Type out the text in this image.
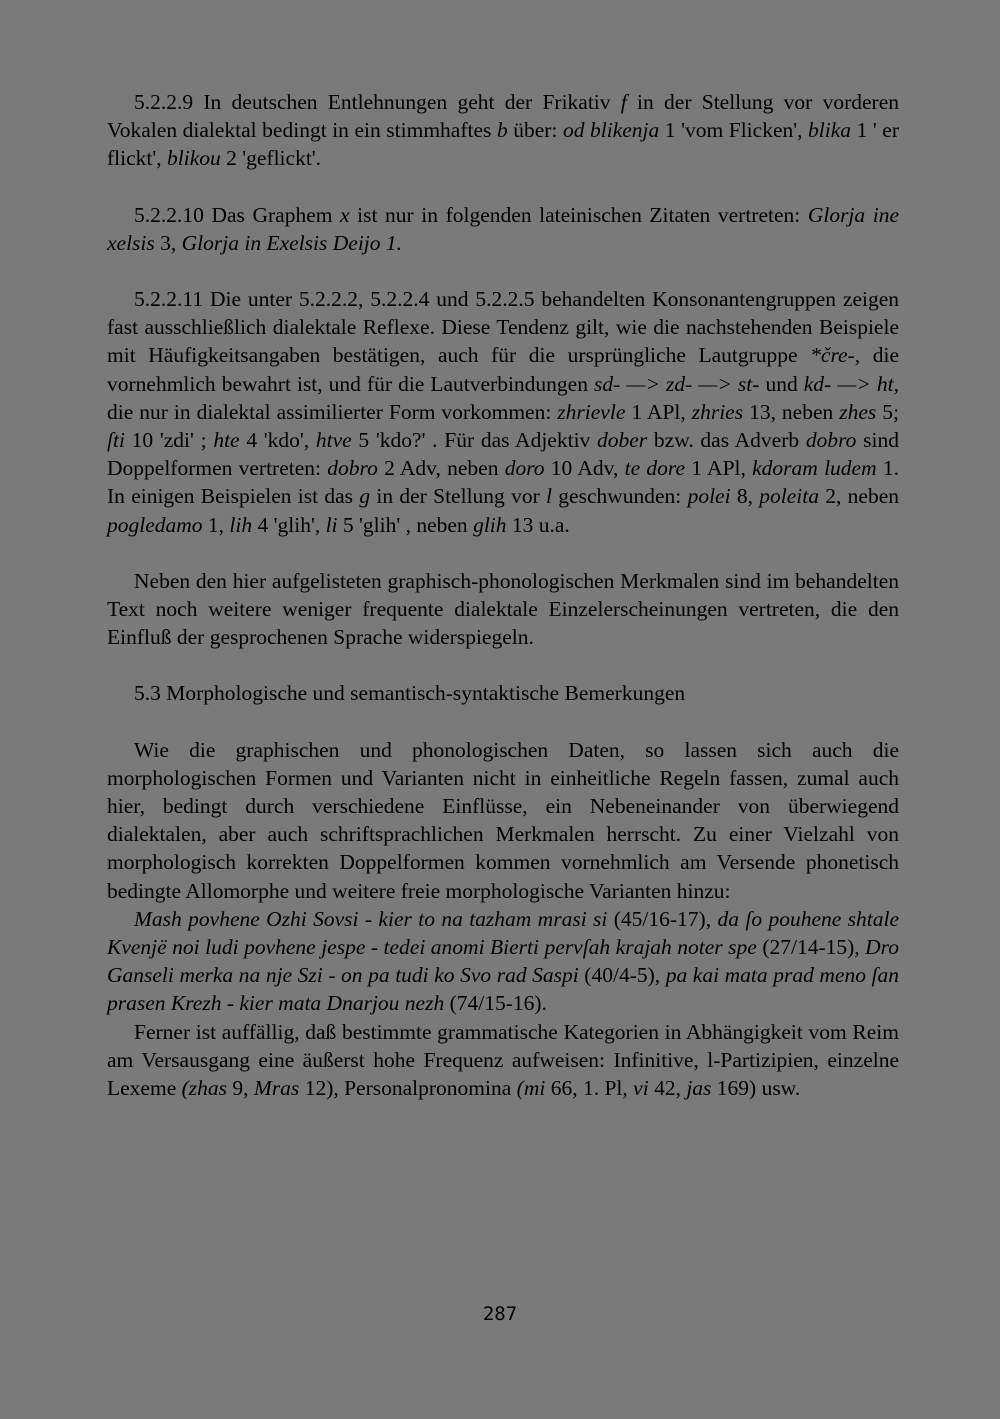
5.2.2.9 In deutschen Entlehnungen geht der Frikativ f in der Stellung vor vorderen Vokalen dialektal bedingt in ein stimmhaftes b über: od blikenja 1 'vom Flicken', blika 1 ' er flickt', blikou 2 'geflickt'.

5.2.2.10 Das Graphem x ist nur in folgenden lateinischen Zitaten vertreten: Glorja ine xelsis 3, Glorja in Exelsis Deijo 1.

5.2.2.11 Die unter 5.2.2.2, 5.2.2.4 und 5.2.2.5 behandelten Konsonantengruppen zeigen fast ausschließlich dialektale Reflexe. Diese Tendenz gilt, wie die nachstehenden Beispiele mit Häufigkeitsangaben bestätigen, auch für die ursprüngliche Lautgruppe *čre-, die vornehmlich bewahrt ist, und für die Lautverbindungen sd- —> zd- —> st- und kd- —> ht, die nur in dialektal assimilierter Form vorkommen: zhrievle 1 APl, zhries 13, neben zhes 5; ſti 10 'zdi' ; hte 4 'kdo', htve 5 'kdo?' . Für das Adjektiv dober bzw. das Adverb dobro sind Doppelformen vertreten: dobro 2 Adv, neben doro 10 Adv, te dore 1 APl, kdoram ludem 1. In einigen Beispielen ist das g in der Stellung vor l geschwunden: polei 8, poleita 2, neben pogledamo 1, lih 4 'glih', li 5 'glih' , neben glih 13 u.a.

Neben den hier aufgelisteten graphisch-phonologischen Merkmalen sind im behandelten Text noch weitere weniger frequente dialektale Einzelerscheinungen vertreten, die den Einfluß der gesprochenen Sprache widerspiegeln.

5.3 Morphologische und semantisch-syntaktische Bemerkungen

Wie die graphischen und phonologischen Daten, so lassen sich auch die morphologischen Formen und Varianten nicht in einheitliche Regeln fassen, zumal auch hier, bedingt durch verschiedene Einflüsse, ein Nebeneinander von überwiegend dialektalen, aber auch schriftsprachlichen Merkmalen herrscht. Zu einer Vielzahl von morphologisch korrekten Doppelformen kommen vornehmlich am Versende phonetisch bedingte Allomorphe und weitere freie morphologische Varianten hinzu:

Mash povhene Ozhi Sovsi - kier to na tazham mrasi si (45/16-17), da ſo pouhene shtale Kvenjë noi ludi povhene jespe - tedei anomi Bierti pervſah krajah noter spe (27/14-15), Dro Ganseli merka na nje Szi - on pa tudi ko Svo rad Saspi (40/4-5), pa kai mata prad meno ſan prasen Krezh - kier mata Dnarjou nezh (74/15-16).

Ferner ist auffällig, daß bestimmte grammatische Kategorien in Abhängigkeit vom Reim am Versausgang eine äußerst hohe Frequenz aufweisen: Infinitive, l-Partizipien, einzelne Lexeme (zhas 9, Mras 12), Personalpronomina (mi 66, 1. Pl, vi 42, jas 169) usw.

287
